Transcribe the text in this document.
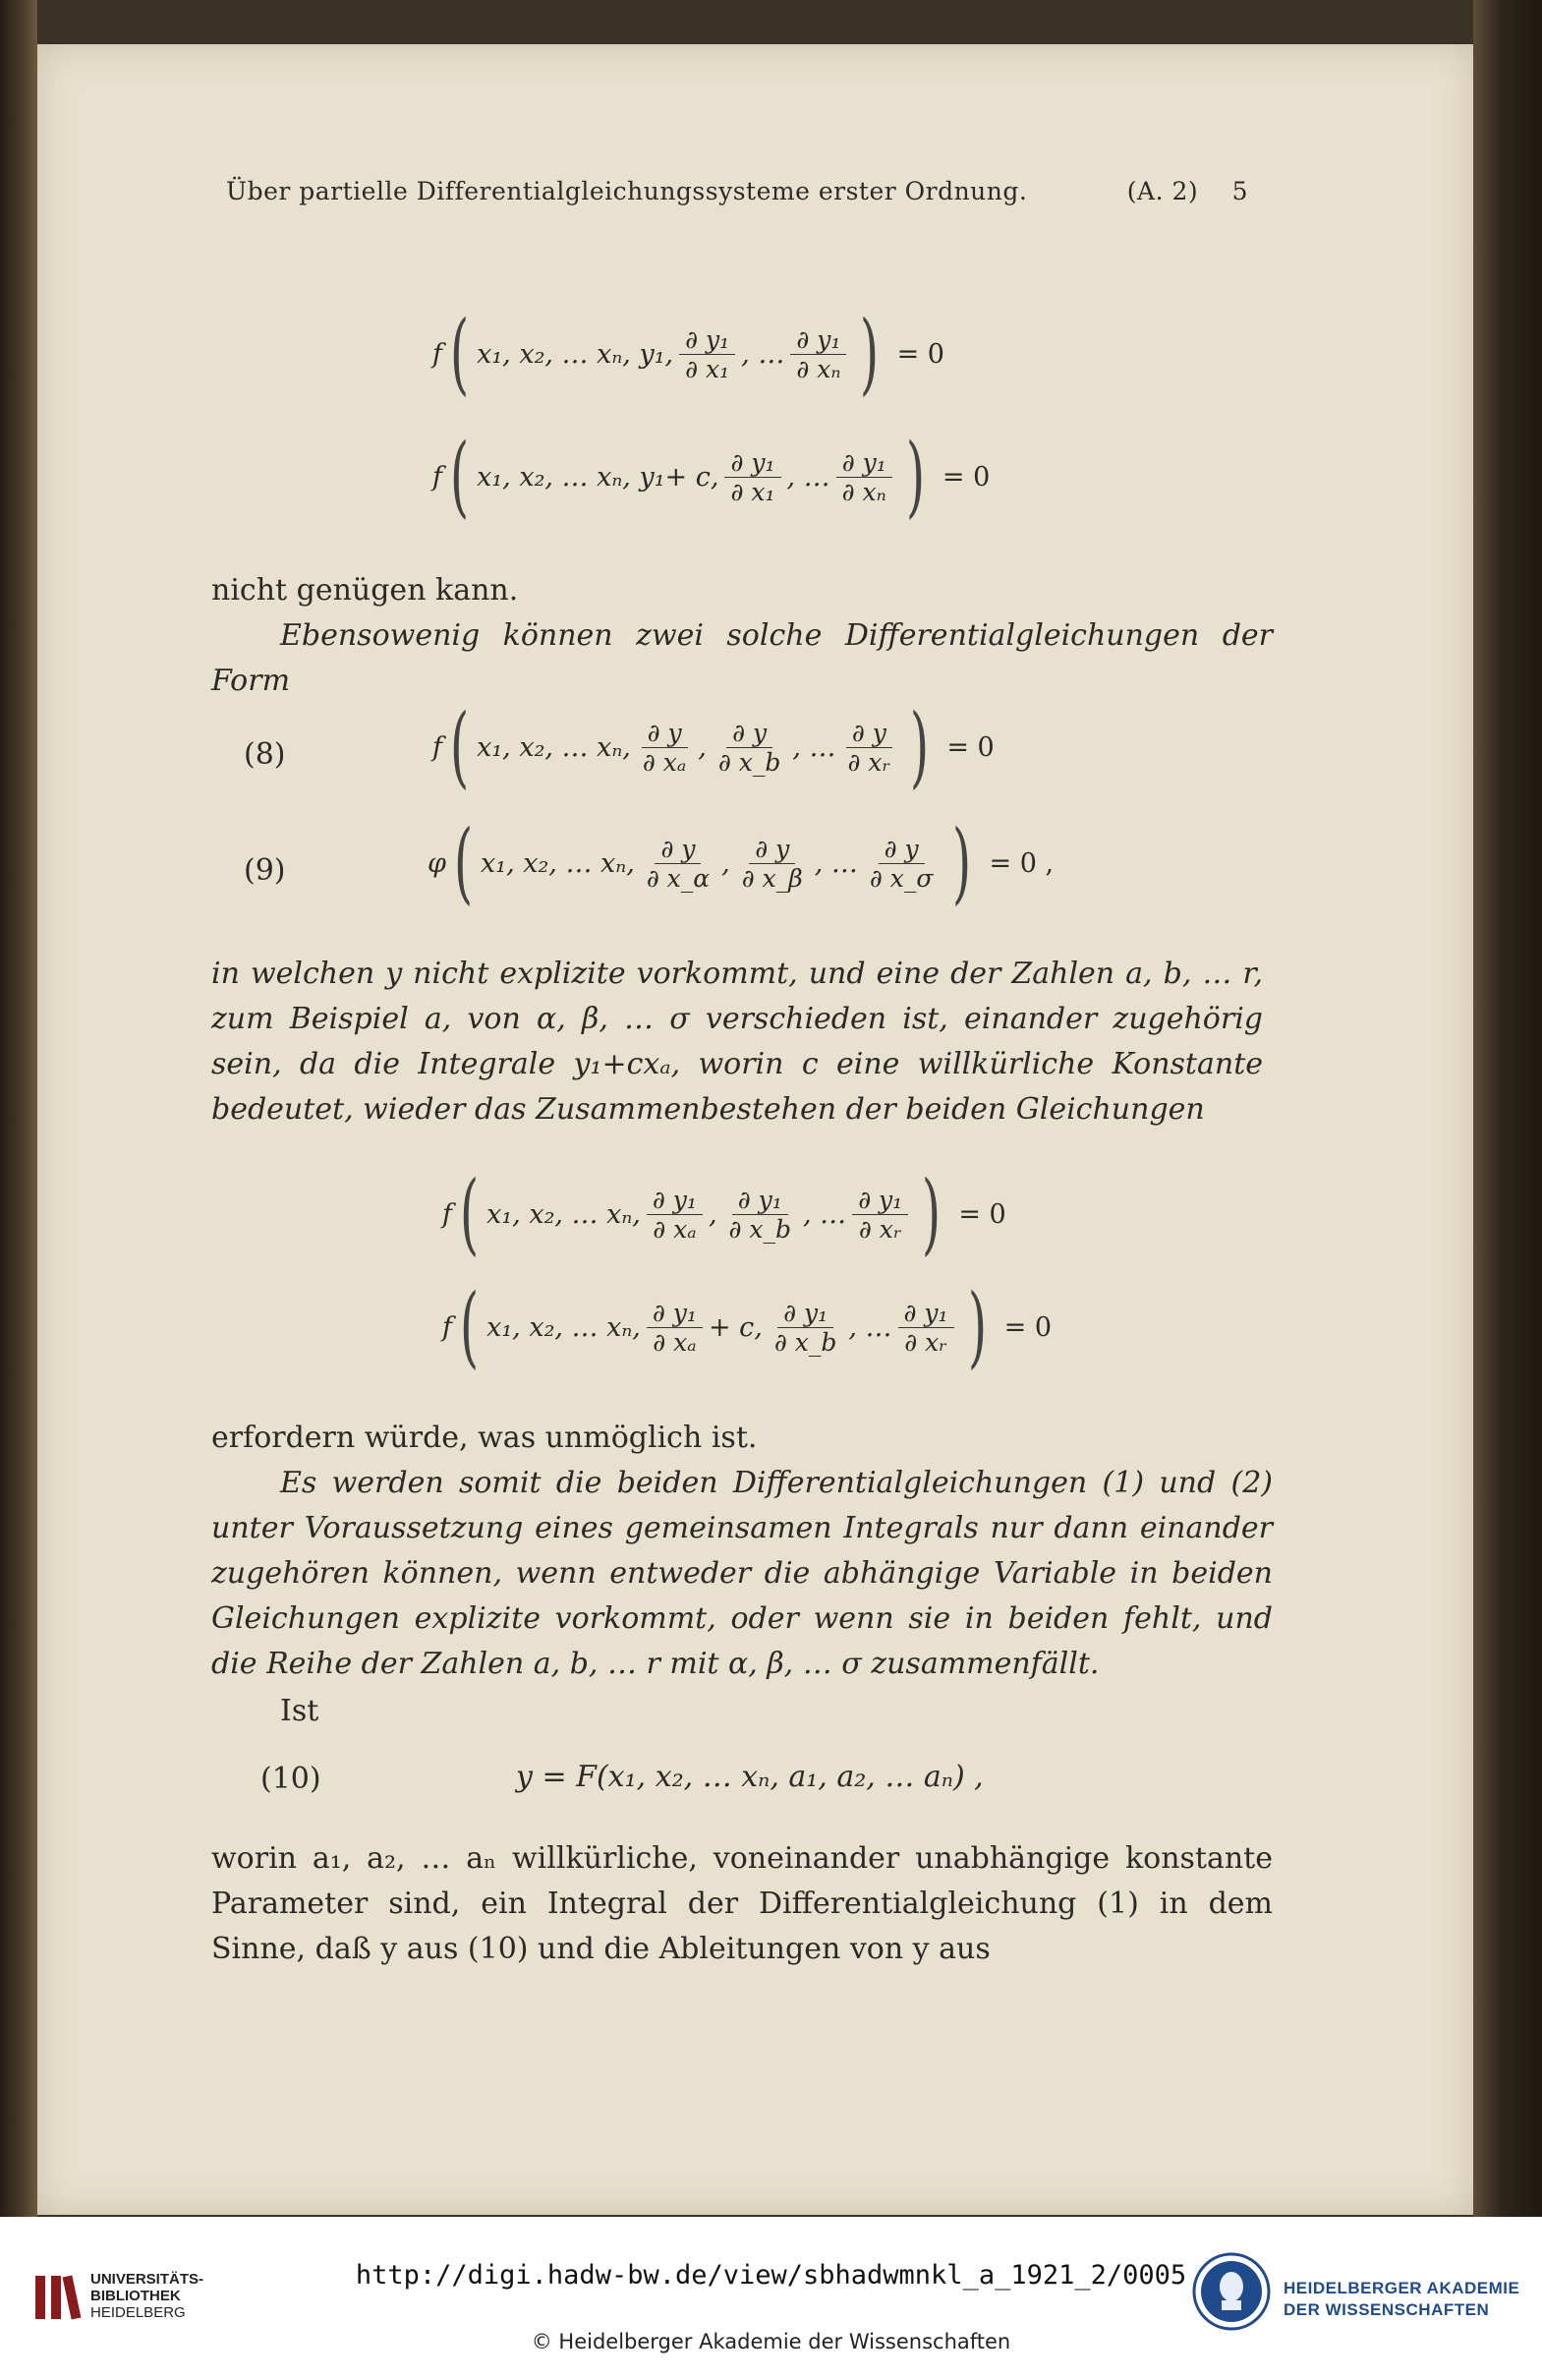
Über partielle Differentialgleichungssysteme erster Ordnung.	(A. 2) 5
f ( x₁, x₂, … xₙ, y₁, $\frac{\text{∂ y₁}}{\text{∂ x₁}}$ , … $\frac{\text{∂ y₁}}{\text{∂ xₙ}}$ ) = 0
f ( x₁, x₂, … xₙ, y₁+ c, $\frac{\text{∂ y₁}}{\text{∂ x₁}}$ , … $\frac{\text{∂ y₁}}{\text{∂ xₙ}}$ ) = 0
nicht genügen kann.
Ebensowenig können zwei solche Differentialgleichungen der Form
(8)	f ( x₁, x₂, … xₙ, $\frac{\partial y}{\text{∂ xₐ}}$ , $\frac{\partial y}{\partial x\_b}$ , … $\frac{\partial y}{\text{∂ xᵣ}}$ ) = 0
(9)	φ ( x₁, x₂, … xₙ, $\frac{\partial y}{\partial x\_\alpha}$ , $\frac{\partial y}{\partial x\_\beta}$ , … $\frac{\partial y}{\partial x\_\sigma}$ ) = 0 ,
in welchen y nicht explizite vorkommt, und eine der Zahlen a, b, … r, zum Beispiel a, von α, β, … σ verschieden ist, einander zugehörig sein, da die Integrale y₁+cxₐ, worin c eine willkürliche Konstante bedeutet, wieder das Zusammenbestehen der beiden Gleichungen
f ( x₁, x₂, … xₙ, $\frac{\text{∂ y₁}}{\text{∂ xₐ}}$ , $\frac{\text{∂ y₁}}{\partial x\_b}$ , … $\frac{\text{∂ y₁}}{\text{∂ xᵣ}}$ ) = 0
f ( x₁, x₂, … xₙ, $\frac{\text{∂ y₁}}{\text{∂ xₐ}} + c$, $\frac{\text{∂ y₁}}{\partial x\_b}$ , … $\frac{\text{∂ y₁}}{\text{∂ xᵣ}}$ ) = 0
erfordern würde, was unmöglich ist.
Es werden somit die beiden Differentialgleichungen (1) und (2) unter Voraussetzung eines gemeinsamen Integrals nur dann einander zugehören können, wenn entweder die abhängige Variable in beiden Gleichungen explizite vorkommt, oder wenn sie in beiden fehlt, und die Reihe der Zahlen a, b, … r mit α, β, … σ zusammenfällt.
Ist
(10)	y = F(x₁, x₂, … xₙ, a₁, a₂, … aₙ) ,
worin a₁, a₂, … aₙ willkürliche, voneinander unabhängige konstante Parameter sind, ein Integral der Differentialgleichung (1) in dem Sinne, daß y aus (10) und die Ableitungen von y aus
UNIVERSITÄTS-
BIBLIOTHEK
HEIDELBERG
http://digi.hadw-bw.de/view/sbhadwmnkl_a_1921_2/0005
© Heidelberger Akademie der Wissenschaften
HEIDELBERGER AKADEMIE
DER WISSENSCHAFTEN
